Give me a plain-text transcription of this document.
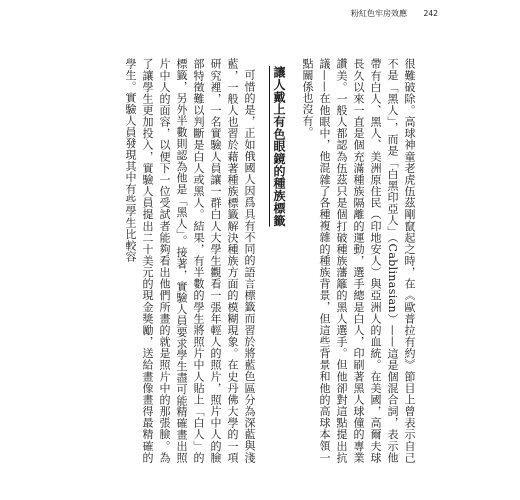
粉紅色牢房效應 242

很難破除。高球神童老虎伍茲剛竄起之時，在《歐普拉有約》節目上曾表示自己不是「黑人」，而是「白黑印亞人」（Cablinasian）——這是個混合詞，表示他帶有白人、黑人、美洲原住民（印地安人）與亞洲人的血統。在美國，高爾夫球長久以來一直是個充滿種族隔離的運動，選手總是白人，印刷著黑人球僮的專業讚美。一般人都認為伍茲只是個打破種族藩籬的黑人選手。但他卻對這點提出抗議——在他眼中，他混雜了各種複雜的種族背景，但這些背景和他的高球本領一點關係也沒有。

讓人戴上有色眼鏡的種族標籤

可惜的是，正如俄國人因爲具有不同的語言標籤而習於將藍色區分為深藍與淺藍，一般人也習於藉著種族標籤解決種族方面的模糊現象。在史丹佛大學的一項研究裡，一名實驗人員讓一群白人大學生觀看一張年輕人的照片，照片中人的臉部特徵難以判斷是白人或黑人。結果，有半數的學生將照片中人貼上「白人」的標籤，另外半數則認為他是「黑人」。接著，實驗人員要求學生盡可能精確畫出照片中人的面容，以便下一位受試者能夠看出他們所畫的就是照片中的那張臉。為了讓學生更加投入，實驗人員提出二十美元的現金獎勵，送給畫像畫得最精確的學生。實驗人員發現其中有些學生比較容
